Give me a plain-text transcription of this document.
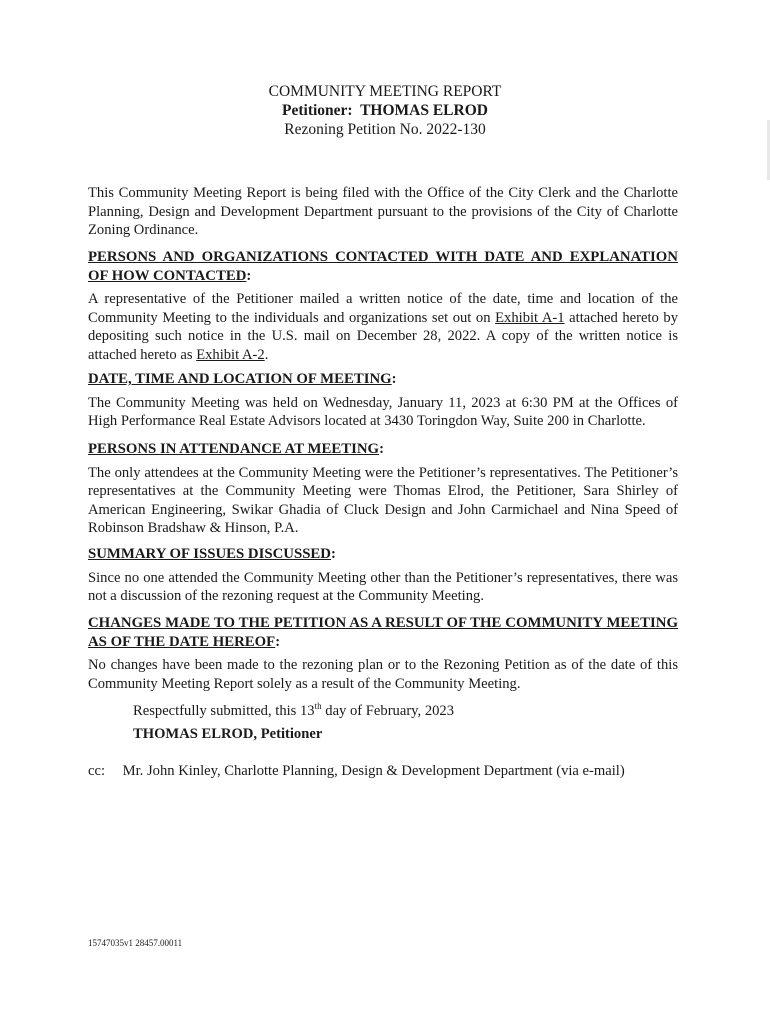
COMMUNITY MEETING REPORT
Petitioner: THOMAS ELROD
Rezoning Petition No. 2022-130

This Community Meeting Report is being filed with the Office of the City Clerk and the Charlotte Planning, Design and Development Department pursuant to the provisions of the City of Charlotte Zoning Ordinance.

PERSONS AND ORGANIZATIONS CONTACTED WITH DATE AND EXPLANATION OF HOW CONTACTED:

A representative of the Petitioner mailed a written notice of the date, time and location of the Community Meeting to the individuals and organizations set out on Exhibit A-1 attached hereto by depositing such notice in the U.S. mail on December 28, 2022. A copy of the written notice is attached hereto as Exhibit A-2.

DATE, TIME AND LOCATION OF MEETING:

The Community Meeting was held on Wednesday, January 11, 2023 at 6:30 PM at the Offices of High Performance Real Estate Advisors located at 3430 Toringdon Way, Suite 200 in Charlotte.

PERSONS IN ATTENDANCE AT MEETING:

The only attendees at the Community Meeting were the Petitioner’s representatives. The Petitioner’s representatives at the Community Meeting were Thomas Elrod, the Petitioner, Sara Shirley of American Engineering, Swikar Ghadia of Cluck Design and John Carmichael and Nina Speed of Robinson Bradshaw & Hinson, P.A.

SUMMARY OF ISSUES DISCUSSED:

Since no one attended the Community Meeting other than the Petitioner’s representatives, there was not a discussion of the rezoning request at the Community Meeting.

CHANGES MADE TO THE PETITION AS A RESULT OF THE COMMUNITY MEETING AS OF THE DATE HEREOF:

No changes have been made to the rezoning plan or to the Rezoning Petition as of the date of this Community Meeting Report solely as a result of the Community Meeting.

Respectfully submitted, this 13th day of February, 2023
THOMAS ELROD, Petitioner
cc: Mr. John Kinley, Charlotte Planning, Design & Development Department (via e-mail)
15747035v1 28457.00011
